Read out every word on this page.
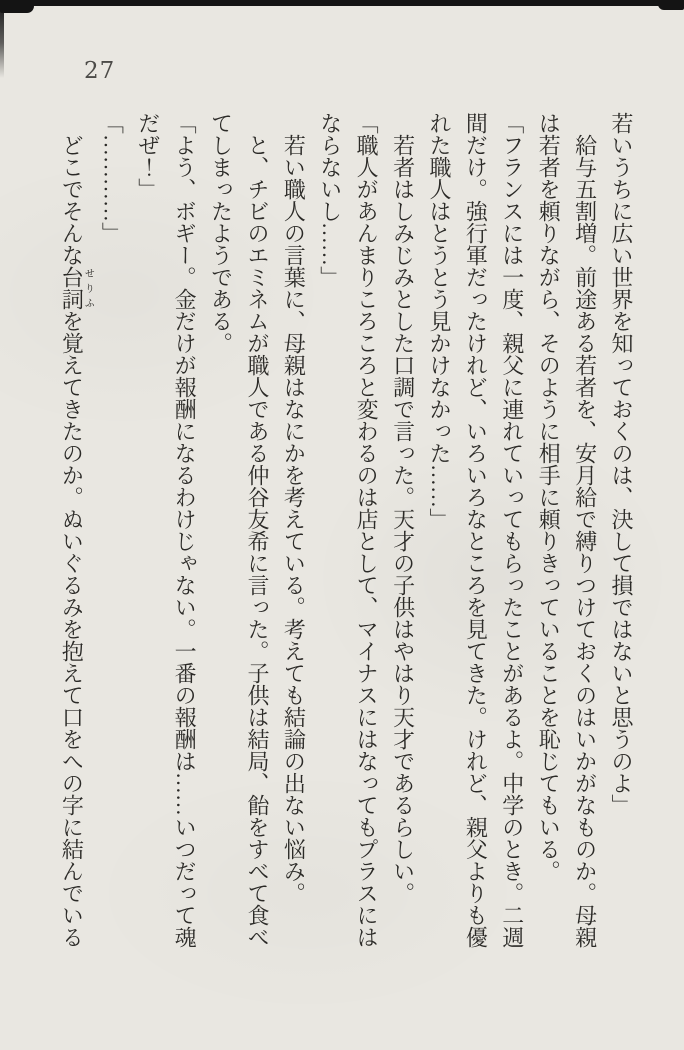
27

若いうちに広い世界を知っておくのは、決して損ではないと思うのよ」

給与五割増。前途ある若者を、安月給で縛りつけておくのはいかがなものか。母親は若者を頼りながら、そのように相手に頼りきっていることを恥じてもいる。

「フランスには一度、親父に連れていってもらったことがあるよ。中学のとき。二週間だけ。強行軍だったけれど、いろいろなところを見てきた。けれど、親父よりも優れた職人はとうとう見かけなかった……」

若者はしみじみとした口調で言った。天才の子供はやはり天才であるらしい。

「職人があんまりころころと変わるのは店として、マイナスにはなってもプラスにはならないし……」

若い職人の言葉に、母親はなにかを考えている。考えても結論の出ない悩み。

と、チビのエミネムが職人である仲谷友希に言った。子供は結局、飴をすべて食べてしまったようである。

「よう、ボギー。金だけが報酬になるわけじゃない。一番の報酬は……いつだって魂だぜ！」

「…………」

どこでそんな台詞せりふを覚えてきたのか。ぬいぐるみを抱えて口をへの字に結んでいる
